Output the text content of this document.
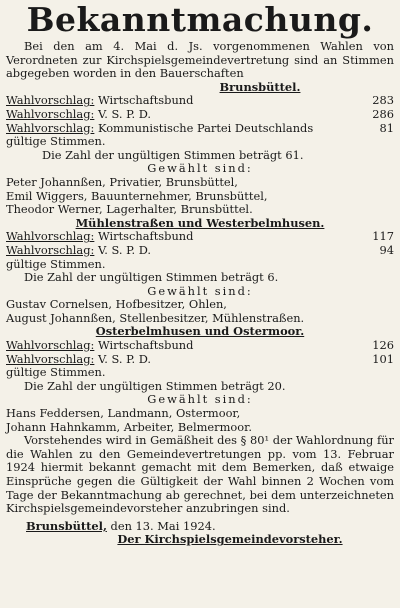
Bekanntmachung.

Bei den am 4. Mai d. Js. vorgenommenen Wahlen von Verordneten zur Kirchspielsgemeindevertretung sind an Stimmen abgegeben worden in den Bauerschaften

Brunsbüttel.
Wahlvorschlag: Wirtschaftsbund	283
Wahlvorschlag: V. S. P. D.	286
Wahlvorschlag: Kommunistische Partei Deutschlands	81
gültige Stimmen.
Die Zahl der ungültigen Stimmen beträgt 61.
Gewählt sind:
Peter Johannßen, Privatier, Brunsbüttel,
Emil Wiggers, Bauunternehmer, Brunsbüttel,
Theodor Werner, Lagerhalter, Brunsbüttel.
Mühlenstraßen und Westerbelmhusen.
Wahlvorschlag: Wirtschaftsbund	117
Wahlvorschlag: V. S. P. D.	94
gültige Stimmen.
Die Zahl der ungültigen Stimmen beträgt 6.
Gewählt sind:
Gustav Cornelsen, Hofbesitzer, Ohlen,
August Johannßen, Stellenbesitzer, Mühlenstraßen.
Osterbelmhusen und Ostermoor.
Wahlvorschlag: Wirtschaftsbund	126
Wahlvorschlag: V. S. P. D.	101
gültige Stimmen.
Die Zahl der ungültigen Stimmen beträgt 20.
Gewählt sind:
Hans Feddersen, Landmann, Ostermoor,
Johann Hahnkamm, Arbeiter, Belmermoor.

Vorstehendes wird in Gemäßheit des § 80¹ der Wahlordnung für die Wahlen zu den Gemeindevertretungen pp. vom 13. Februar 1924 hiermit bekannt gemacht mit dem Bemerken, daß etwaige Einsprüche gegen die Gültigkeit der Wahl binnen 2 Wochen vom Tage der Bekanntmachung ab gerechnet, bei dem unterzeichneten Kirchspielsgemeindevorsteher anzubringen sind.

Brunsbüttel, den 13. Mai 1924.
Der Kirchspielsgemeindevorsteher.
